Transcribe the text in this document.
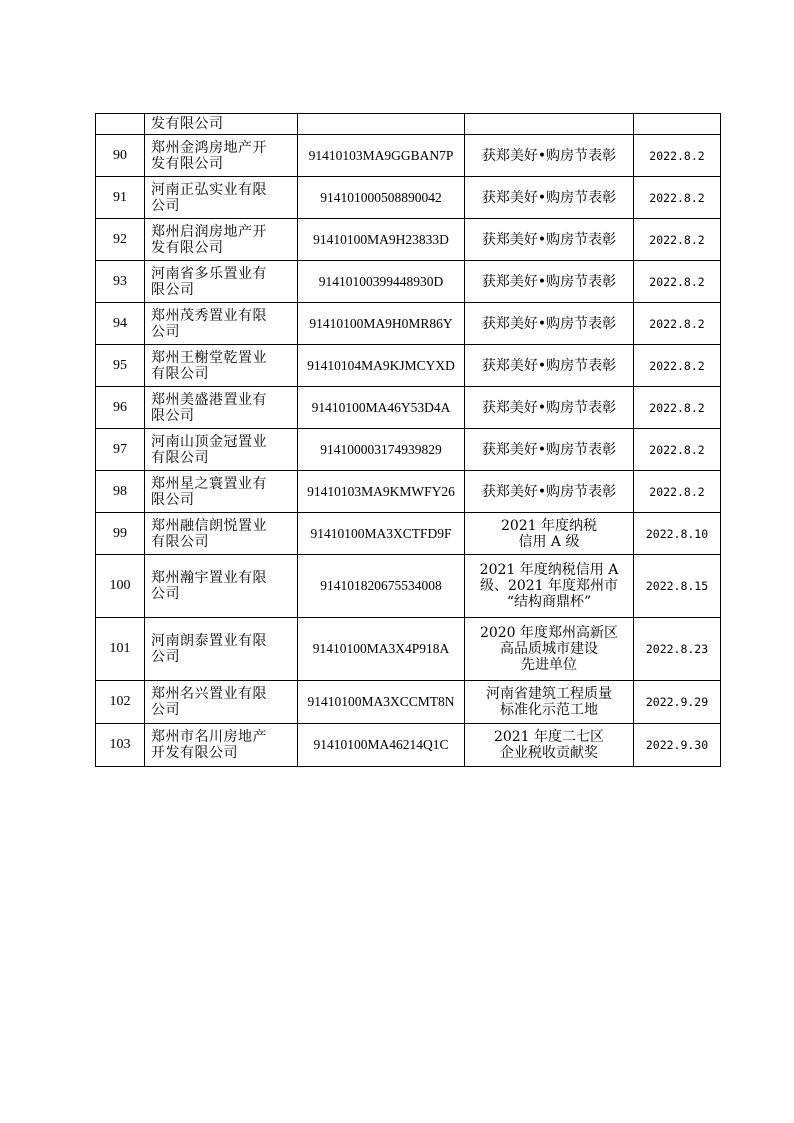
	发有限公司			

90	郑州金鸿房地产开
发有限公司	91410103MA9GGBAN7P	获郑美好•购房节表彰	2022.8.2
91	河南正弘实业有限
公司	914101000508890042	获郑美好•购房节表彰	2022.8.2
92	郑州启润房地产开
发有限公司	91410100MA9H23833D	获郑美好•购房节表彰	2022.8.2
93	河南省多乐置业有
限公司	91410100399448930D	获郑美好•购房节表彰	2022.8.2
94	郑州茂秀置业有限
公司	91410100MA9H0MR86Y	获郑美好•购房节表彰	2022.8.2
95	郑州王榭堂乾置业
有限公司	91410104MA9KJMCYXD	获郑美好•购房节表彰	2022.8.2
96	郑州美盛港置业有
限公司	91410100MA46Y53D4A	获郑美好•购房节表彰	2022.8.2
97	河南山顶金冠置业
有限公司	914100003174939829	获郑美好•购房节表彰	2022.8.2
98	郑州星之寰置业有
限公司	91410103MA9KMWFY26	获郑美好•购房节表彰	2022.8.2
99	郑州融信朗悦置业
有限公司	91410100MA3XCTFD9F	2021 年度纳税
信用 A 级	2022.8.10
100	郑州瀚宇置业有限
公司	914101820675534008	2021 年度纳税信用 A
级、2021 年度郑州市
“结构商鼎杯”	2022.8.15
101	河南朗泰置业有限
公司	91410100MA3X4P918A	2020 年度郑州高新区
高品质城市建设
先进单位	2022.8.23
102	郑州名兴置业有限
公司	91410100MA3XCCMT8N	河南省建筑工程质量
标准化示范工地	2022.9.29
103	郑州市名川房地产
开发有限公司	91410100MA46214Q1C	2021 年度二七区
企业税收贡献奖	2022.9.30
